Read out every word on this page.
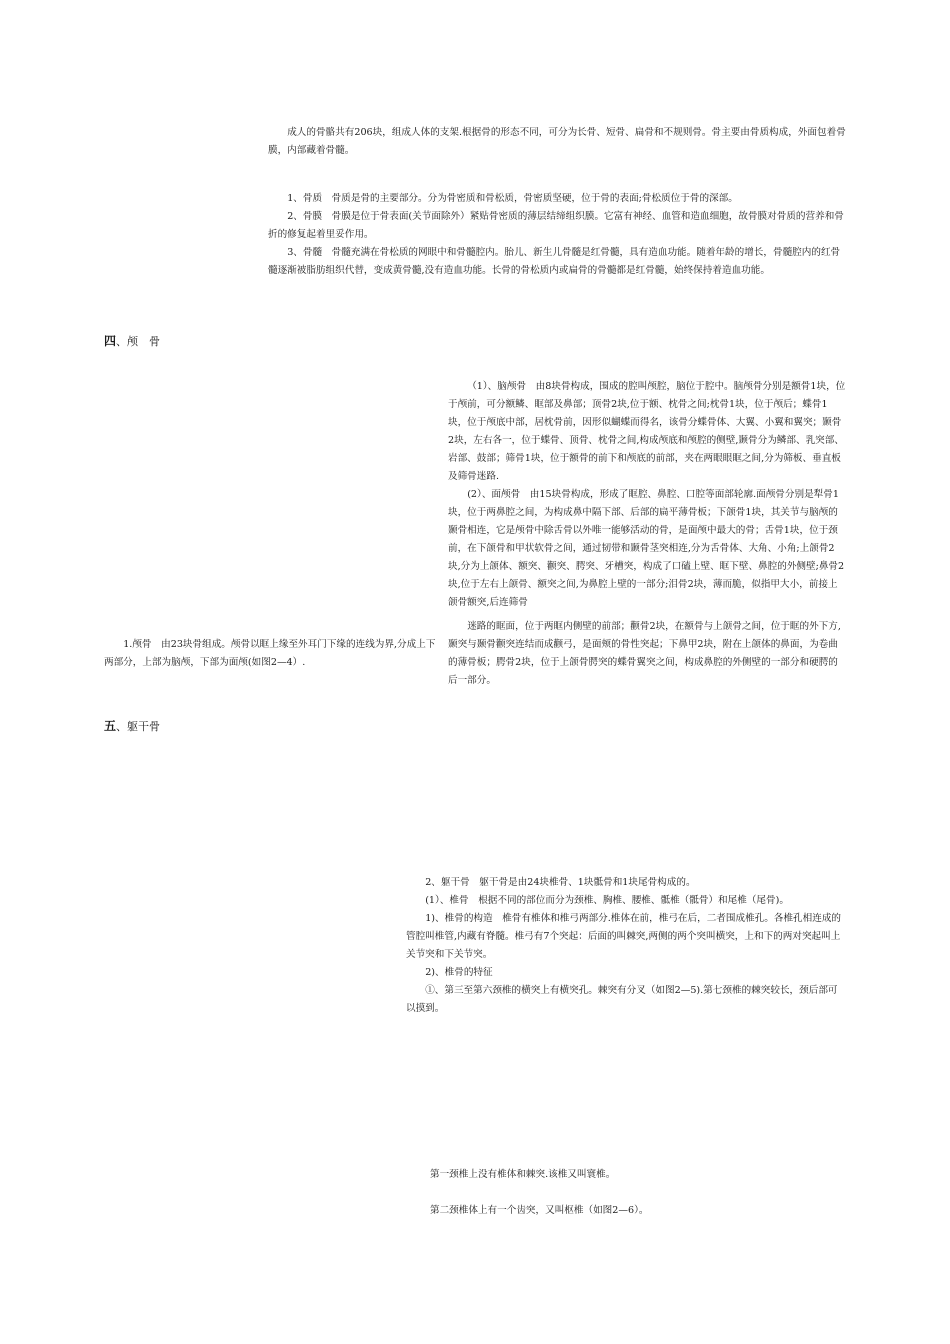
成人的骨骼共有206块，组成人体的支架.根据骨的形态不同，可分为长骨、短骨、扁骨和不规则骨。骨主要由骨质构成，外面包着骨膜，内部藏着骨髓。

1、骨质　骨质是骨的主要部分。分为骨密质和骨松质，骨密质坚硬，位于骨的表面;骨松质位于骨的深部。

2、骨膜　骨膜是位于骨表面(关节面除外）紧贴骨密质的薄层结缔组织膜。它富有神经、血管和造血细胞，故骨膜对骨质的营养和骨折的修复起着里妥作用。

3、骨髓　骨髓充满在骨松质的网眼中和骨髓腔内。胎儿、新生儿骨髓是红骨髓，具有造血功能。随着年龄的增长，骨髓腔内的红骨髓逐渐被脂肪组织代替，变成黄骨髓,没有造血功能。长骨的骨松质内或扁骨的骨髓都是红骨髓，始终保持着造血功能。

四、颅　骨

（1）、脑颅骨　由8块骨构成，围成的腔叫颅腔，脑位于腔中。脑颅骨分别是额骨1块，位于颅前，可分额鳞、眶部及鼻部；顶骨2块,位于额、枕骨之间;枕骨1块，位于颅后；蝶骨1块，位于颅底中部，居枕骨前，因形似蝴蝶而得名，该骨分蝶骨体、大翼、小翼和翼突；颞骨2块，左右各一，位于蝶骨、顶骨、枕骨之间,构成颅底和颅腔的侧壁,颞骨分为鳞部、乳突部、岩部、鼓部；筛骨1块，位于额骨的前下和颅底的前部，夹在两眼眼眶之间,分为筛板、垂直板及筛骨迷路.

(2）、面颅骨　由15块骨构成，形成了眶腔、鼻腔、口腔等面部轮廓.面颅骨分别是犁骨1块，位于两鼻腔之间，为构成鼻中隔下部、后部的扁平薄骨板；下颌骨1块，其关节与脑颅的颞骨相连，它是颅骨中除舌骨以外唯一能够活动的骨，是面颅中最大的骨；舌骨1块，位于颈前，在下颌骨和甲状软骨之间，通过韧带和颞骨茎突相连,分为舌骨体、大角、小角;上颌骨2块,分为上颌体、额突、颧突、腭突、牙槽突，构成了口磕上壁、眶下壁、鼻腔的外侧壁;鼻骨2块,位于左右上颌骨、额突之间,为鼻腔上壁的一部分;泪骨2块，薄而脆，似指甲大小，前接上颌骨额突,后连筛骨

迷路的眶面，位于两眶内侧壁的前部；颧骨2块，在额骨与上颌骨之间，位于眶的外下方,颞突与颞骨颧突连结而成颧弓，是面颊的骨性突起；下鼻甲2块，附在上颌体的鼻面，为卷曲的薄骨板；腭骨2块，位于上颌骨腭突的蝶骨翼突之间，构成鼻腔的外侧壁的一部分和硬腭的后一部分。

1.颅骨　由23块骨组成。颅骨以眶上缘至外耳门下缘的连线为界,分成上下两部分，上部为脑颅，下部为面颅(如图2—4）.

五、躯干骨

2、躯干骨　躯干骨是由24块椎骨、1块骶骨和1块尾骨构成的。

(1）、椎骨　根据不同的部位而分为颈椎、胸椎、腰椎、骶椎（骶骨）和尾椎（尾骨)。

1)、椎骨的构造　椎骨有椎体和椎弓两部分.椎体在前，椎弓在后，二者围成椎孔。各椎孔相连成的管腔叫椎管,内藏有脊髓。椎弓有7个突起：后面的叫棘突,两侧的两个突叫横突，上和下的两对突起叫上关节突和下关节突。

2)、椎骨的特征

①、第三至第六颈椎的横突上有横突孔。棘突有分叉（如图2—5).第七颈椎的棘突较长，颈后部可以摸到。

第一颈椎上没有椎体和棘突.该椎又叫寰椎。

第二颈椎体上有一个齿突，又叫枢椎（如图2—6）。
